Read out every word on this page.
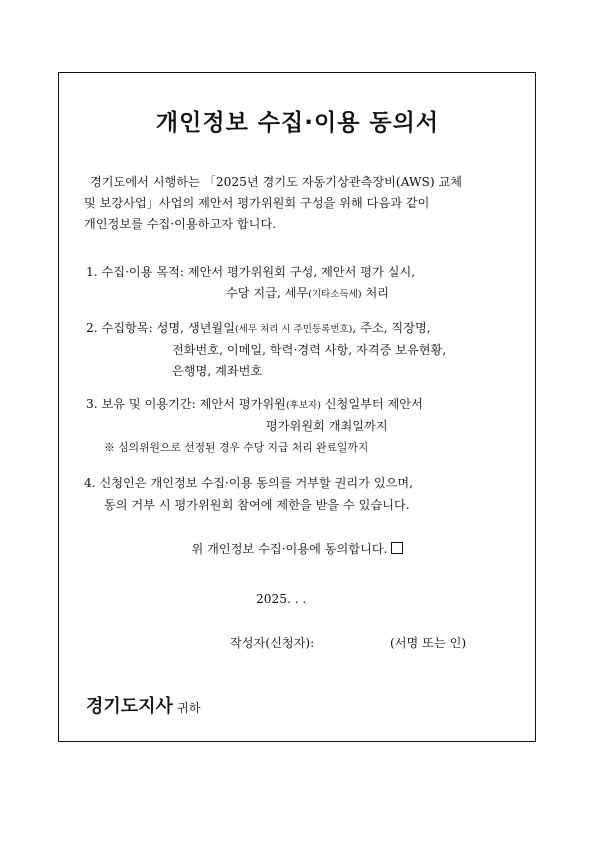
개인정보 수집·이용 동의서
경기도에서 시행하는 「2025년 경기도 자동기상관측장비(AWS) 교체
및 보강사업」사업의 제안서 평가위원회 구성을 위해 다음과 같이
개인정보를 수집·이용하고자 합니다.
1. 수집·이용 목적: 제안서 평가위원회 구성, 제안서 평가 실시,
수당 지급, 세무(기타소득세) 처리
2. 수집항목: 성명, 생년월일(세무 처리 시 주민등록번호), 주소, 직장명,
전화번호, 이메일, 학력·경력 사항, 자격증 보유현황,
은행명, 계좌번호
3. 보유 및 이용기간: 제안서 평가위원(후보자) 신청일부터 제안서
평가위원회 개최일까지
※ 심의위원으로 선정된 경우 수당 지급 처리 완료일까지
4. 신청인은 개인정보 수집·이용 동의를 거부할 권리가 있으며,
동의 거부 시 평가위원회 참여에 제한을 받을 수 있습니다.
위 개인정보 수집·이용에 동의합니다.
2025. . .
작성자(신청자):	(서명 또는 인)
경기도지사 귀하
